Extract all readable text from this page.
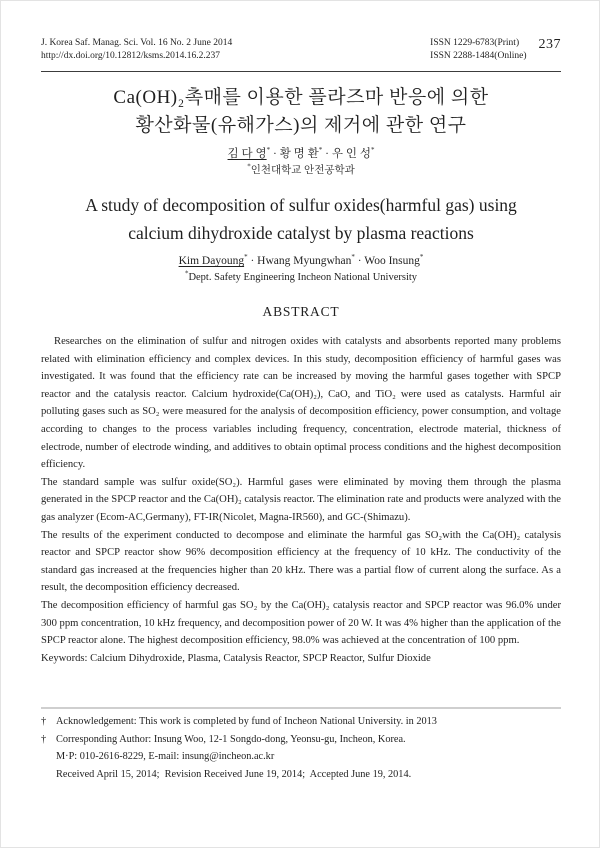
J. Korea Saf. Manag. Sci. Vol. 16 No. 2 June 2014
http://dx.doi.org/10.12812/ksms.2014.16.2.237
ISSN 1229-6783(Print)
ISSN 2288-1484(Online)
237
Ca(OH)₂촉매를 이용한 플라즈마 반응에 의한
황산화물(유해가스)의 제거에 관한 연구
김 다 영* · 황 명 환* · 우 인 성*
*인천대학교 안전공학과
A study of decomposition of sulfur oxides(harmful gas) using
calcium dihydroxide catalyst by plasma reactions
Kim Dayoung* · Hwang Myungwhan* · Woo Insung*
*Dept. Safety Engineering Incheon National University
ABSTRACT

Researches on the elimination of sulfur and nitrogen oxides with catalysts and absorbents reported many problems related with elimination efficiency and complex devices. In this study, decomposition efficiency of harmful gases was investigated. It was found that the efficiency rate can be increased by moving the harmful gases together with SPCP reactor and the catalysis reactor. Calcium hydroxide(Ca(OH)₂), CaO, and TiO₂ were used as catalysts. Harmful air polluting gases such as SO₂ were measured for the analysis of decomposition efficiency, power consumption, and voltage according to changes to the process variables including frequency, concentration, electrode material, thickness of electrode, number of electrode winding, and additives to obtain optimal process conditions and the highest decomposition efficiency.

The standard sample was sulfur oxide(SO₂). Harmful gases were eliminated by moving them through the plasma generated in the SPCP reactor and the Ca(OH)₂ catalysis reactor. The elimination rate and products were analyzed with the gas analyzer (Ecom-AC,Germany), FT-IR(Nicolet, Magna-IR560), and GC-(Shimazu).

The results of the experiment conducted to decompose and eliminate the harmful gas SO₂with the Ca(OH)₂ catalysis reactor and SPCP reactor show 96% decomposition efficiency at the frequency of 10 kHz. The conductivity of the standard gas increased at the frequencies higher than 20 kHz. There was a partial flow of current along the surface. As a result, the decomposition efficiency decreased.

The decomposition efficiency of harmful gas SO₂ by the Ca(OH)₂ catalysis reactor and SPCP reactor was 96.0% under 300 ppm concentration, 10 kHz frequency, and decomposition power of 20 W. It was 4% higher than the application of the SPCP reactor alone. The highest decomposition efficiency, 98.0% was achieved at the concentration of 100 ppm.

Keywords: Calcium Dihydroxide, Plasma, Catalysis Reactor, SPCP Reactor, Sulfur Dioxide

† Acknowledgement: This work is completed by fund of Incheon National University. in 2013
† Corresponding Author: Insung Woo, 12-1 Songdo-dong, Yeonsu-gu, Incheon, Korea.
M·P: 010-2616-8229, E-mail: insung@incheon.ac.kr
Received April 15, 2014;  Revision Received June 19, 2014;  Accepted June 19, 2014.
